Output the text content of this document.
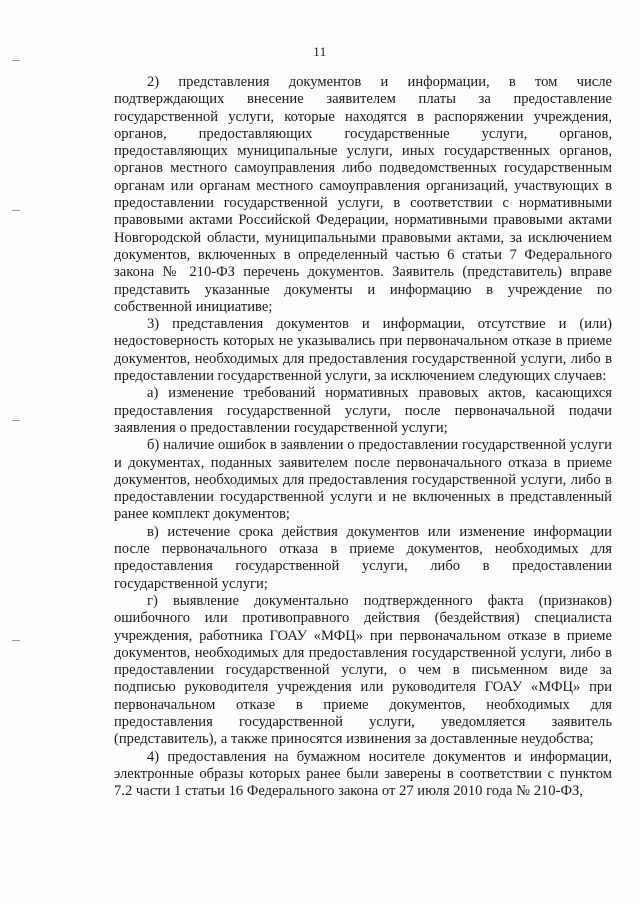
11

2) представления документов и информации, в том числе подтверждающих внесение заявителем платы за предоставление государственной услуги, которые находятся в распоряжении учреждения, органов, предоставляющих государственные услуги, органов, предоставляющих муниципальные услуги, иных государственных органов, органов местного самоуправления либо подведомственных государственным органам или органам местного самоуправления организаций, участвующих в предоставлении государственной услуги, в соответствии с нормативными правовыми актами Российской Федерации, нормативными правовыми актами Новгородской области, муниципальными правовыми актами, за исключением документов, включенных в определенный частью 6 статьи 7 Федерального закона № 210-ФЗ перечень документов. Заявитель (представитель) вправе представить указанные документы и информацию в учреждение по собственной инициативе;

3) представления документов и информации, отсутствие и (или) недостоверность которых не указывались при первоначальном отказе в приеме документов, необходимых для предоставления государственной услуги, либо в предоставлении государственной услуги, за исключением следующих случаев:

а) изменение требований нормативных правовых актов, касающихся предоставления государственной услуги, после первоначальной подачи заявления о предоставлении государственной услуги;

б) наличие ошибок в заявлении о предоставлении государственной услуги и документах, поданных заявителем после первоначального отказа в приеме документов, необходимых для предоставления государственной услуги, либо в предоставлении государственной услуги и не включенных в представленный ранее комплект документов;

в) истечение срока действия документов или изменение информации после первоначального отказа в приеме документов, необходимых для предоставления государственной услуги, либо в предоставлении государственной услуги;

г) выявление документально подтвержденного факта (признаков) ошибочного или противоправного действия (бездействия) специалиста учреждения, работника ГОАУ «МФЦ» при первоначальном отказе в приеме документов, необходимых для предоставления государственной услуги, либо в предоставлении государственной услуги, о чем в письменном виде за подписью руководителя учреждения или руководителя ГОАУ «МФЦ» при первоначальном отказе в приеме документов, необходимых для предоставления государственной услуги, уведомляется заявитель (представитель), а также приносятся извинения за доставленные неудобства;

4) предоставления на бумажном носителе документов и информации, электронные образы которых ранее были заверены в соответствии с пунктом 7.2 части 1 статьи 16 Федерального закона от 27 июля 2010 года № 210-ФЗ,
